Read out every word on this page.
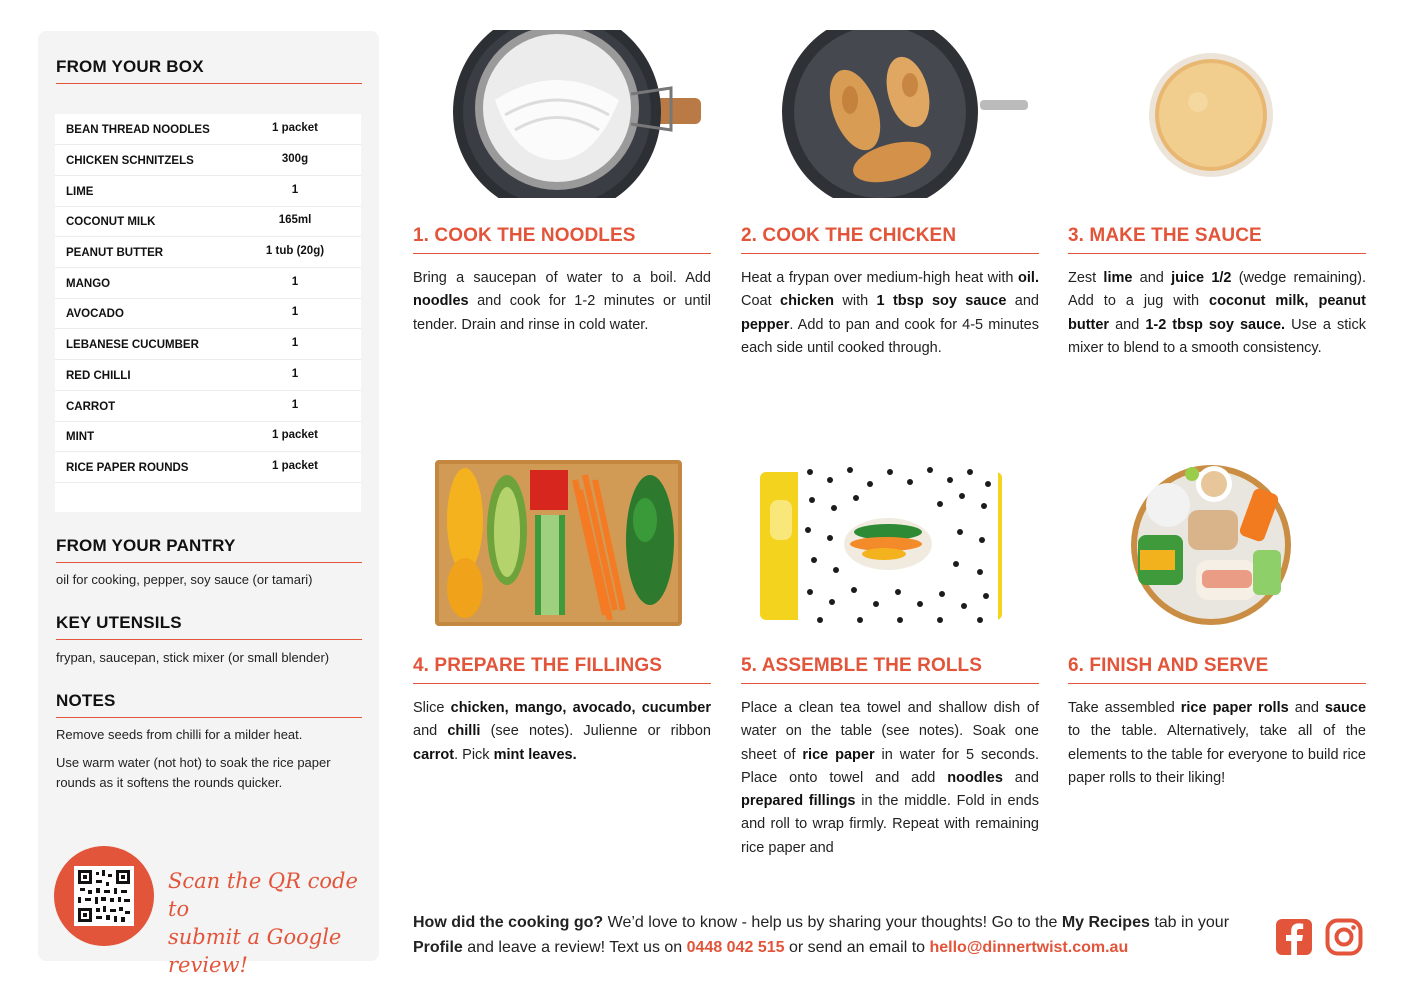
FROM YOUR BOX
BEAN THREAD NOODLES	1 packet
CHICKEN SCHNITZELS	300g
LIME	1
COCONUT MILK	165ml
PEANUT BUTTER	1 tub (20g)
MANGO	1
AVOCADO	1
LEBANESE CUCUMBER	1
RED CHILLI	1
CARROT	1
MINT	1 packet
RICE PAPER ROUNDS	1 packet
FROM YOUR PANTRY
oil for cooking, pepper, soy sauce (or tamari)
KEY UTENSILS
frypan, saucepan, stick mixer (or small blender)
NOTES
Remove seeds from chilli for a milder heat.
Use warm water (not hot) to soak the rice paper rounds as it softens the rounds quicker.
Scan the QR code to
submit a Google review!
1. COOK THE NOODLES
Bring a saucepan of water to a boil. Add noodles and cook for 1-2 minutes or until tender. Drain and rinse in cold water.
2. COOK THE CHICKEN
Heat a frypan over medium-high heat with oil. Coat chicken with 1 tbsp soy sauce and pepper. Add to pan and cook for 4-5 minutes each side until cooked through.
3. MAKE THE SAUCE
Zest lime and juice 1/2 (wedge remaining). Add to a jug with coconut milk, peanut butter and 1-2 tbsp soy sauce. Use a stick mixer to blend to a smooth consistency.
4. PREPARE THE FILLINGS
Slice chicken, mango, avocado, cucumber and chilli (see notes). Julienne or ribbon carrot. Pick mint leaves.
5. ASSEMBLE THE ROLLS
Place a clean tea towel and shallow dish of water on the table (see notes). Soak one sheet of rice paper in water for 5 seconds. Place onto towel and add noodles and prepared fillings in the middle. Fold in ends and roll to wrap firmly. Repeat with remaining rice paper and
6. FINISH AND SERVE
Take assembled rice paper rolls and sauce to the table. Alternatively, take all of the elements to the table for everyone to build rice paper rolls to their liking!
How did the cooking go? We’d love to know - help us by sharing your thoughts! Go to the My Recipes tab in your Profile and leave a review! Text us on 0448 042 515 or send an email to hello@dinnertwist.com.au
